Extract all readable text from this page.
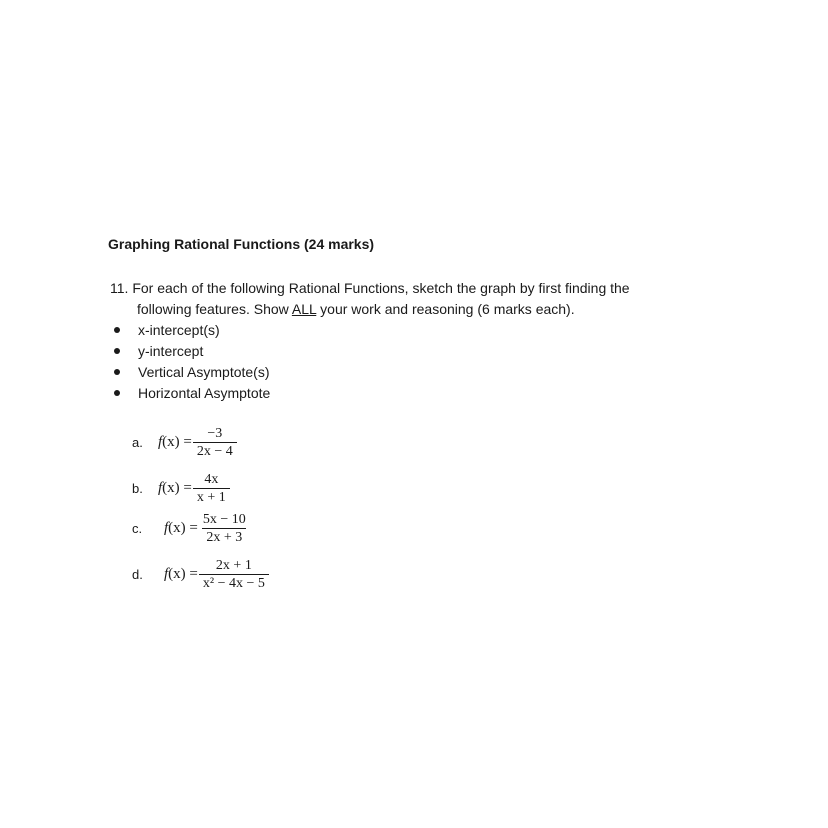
Graphing Rational Functions (24 marks)
11. For each of the following Rational Functions, sketch the graph by first finding the
following features. Show ALL your work and reasoning (6 marks each).
x-intercept(s)
y-intercept
Vertical Asymptote(s)
Horizontal Asymptote
a.	$f(x) = \frac{-3}{2x - 4}$
b.	$f(x) = \frac{4x}{x + 1}$
c.	$f(x) = \frac{5x - 10}{2x + 3}$
d.	$f(x) = \frac{2x + 1}{\text{x² − 4x − 5}}$
